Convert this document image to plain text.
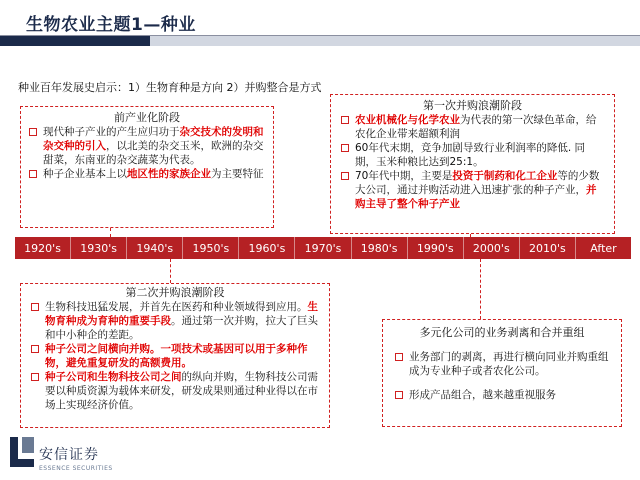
生物农业主题1—种业
种业百年发展史启示：1）生物育种是方向 2）并购整合是方式
前产业化阶段
现代种子产业的产生应归功于杂交技术的发明和杂交种的引入，以北美的杂交玉米，欧洲的杂交甜菜，东南亚的杂交蔬菜为代表。
种子企业基本上以地区性的家族企业为主要特征
第一次并购浪潮阶段
农业机械化与化学农业为代表的第一次绿色革命，给农化企业带来超额利润
60年代末期，竞争加剧导致行业利润率的降低. 同期，玉米种粮比达到25:1。
70年代中期，主要是投资于制药和化工企业等的少数大公司，通过并购活动进入迅速扩张的种子产业，并购主导了整个种子产业
1920's	1930's	1940's	1950's	1960's	1970's	1980's	1990's	2000's	2010's	After
第二次并购浪潮阶段
生物科技迅猛发展，并首先在医药和种业领域得到应用。生物育种成为育种的重要手段。通过第一次并购，拉大了巨头和中小种企的差距。
种子公司之间横向并购。一项技术或基因可以用于多种作物，避免重复研发的高额费用。
种子公司和生物科技公司之间的纵向并购，生物科技公司需要以种质资源为载体来研发，研发成果则通过种业得以在市场上实现经济价值。
多元化公司的业务剥离和合并重组
业务部门的剥离，再进行横向同业并购重组成为专业种子或者农化公司。
形成产品组合，越来越重视服务
安信证券
ESSENCE SECURITIES
